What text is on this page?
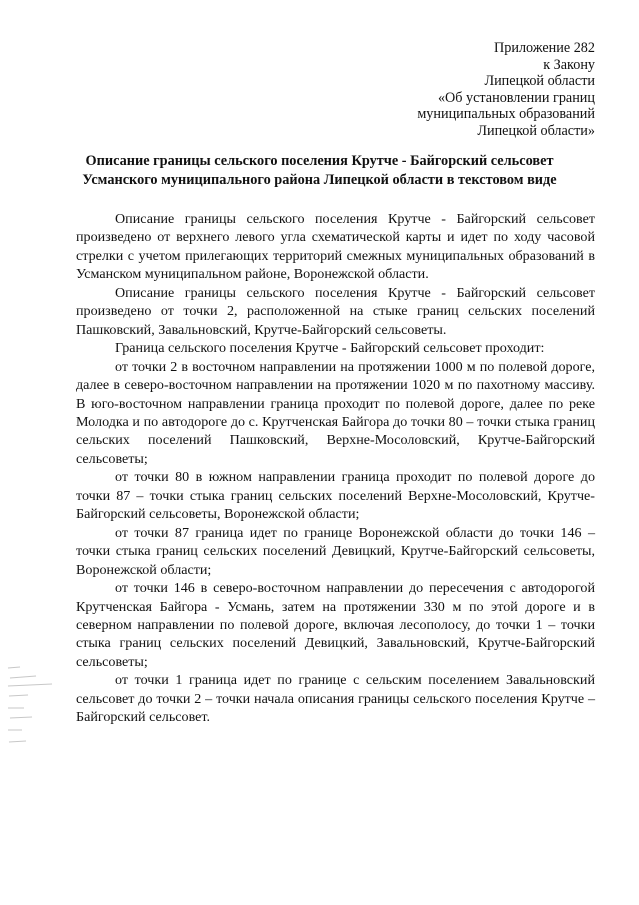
Приложение 282
к Закону
Липецкой области
«Об установлении границ
муниципальных образований
Липецкой области»
Описание границы сельского поселения Крутче - Байгорский сельсовет
Усманского муниципального района Липецкой области в текстовом виде

Описание границы сельского поселения Крутче - Байгорский сельсовет произведено от верхнего левого угла схематической карты и идет по ходу часовой стрелки с учетом прилегающих территорий смежных муниципальных образований в Усманском муниципальном районе, Воронежской области.

Описание границы сельского поселения Крутче - Байгорский сельсовет произведено от точки 2, расположенной на стыке границ сельских поселений Пашковский, Завальновский, Крутче-Байгорский сельсоветы.

Граница сельского поселения Крутче - Байгорский сельсовет проходит:

от точки 2 в восточном направлении на протяжении 1000 м по полевой дороге, далее в северо-восточном направлении на протяжении 1020 м по пахотному массиву. В юго-восточном направлении граница проходит по полевой дороге, далее по реке Молодка и по автодороге до с. Крутченская Байгора до точки 80 – точки стыка границ сельских поселений Пашковский, Верхне-Мосоловский, Крутче-Байгорский сельсоветы;

от точки 80 в южном направлении граница проходит по полевой дороге до точки 87 – точки стыка границ сельских поселений Верхне-Мосоловский, Крутче-Байгорский сельсоветы, Воронежской области;

от точки 87 граница идет по границе Воронежской области до точки 146 – точки стыка границ сельских поселений Девицкий, Крутче-Байгорский сельсоветы, Воронежской области;

от точки 146 в северо-восточном направлении до пересечения с автодорогой Крутченская Байгора - Усмань, затем на протяжении 330 м по этой дороге и в северном направлении по полевой дороге, включая лесополосу, до точки 1 – точки стыка границ сельских поселений Девицкий, Завальновский, Крутче-Байгорский сельсоветы;

от точки 1 граница идет по границе с сельским поселением Завальновский сельсовет до точки 2 – точки начала описания границы сельского поселения Крутче – Байгорский сельсовет.
